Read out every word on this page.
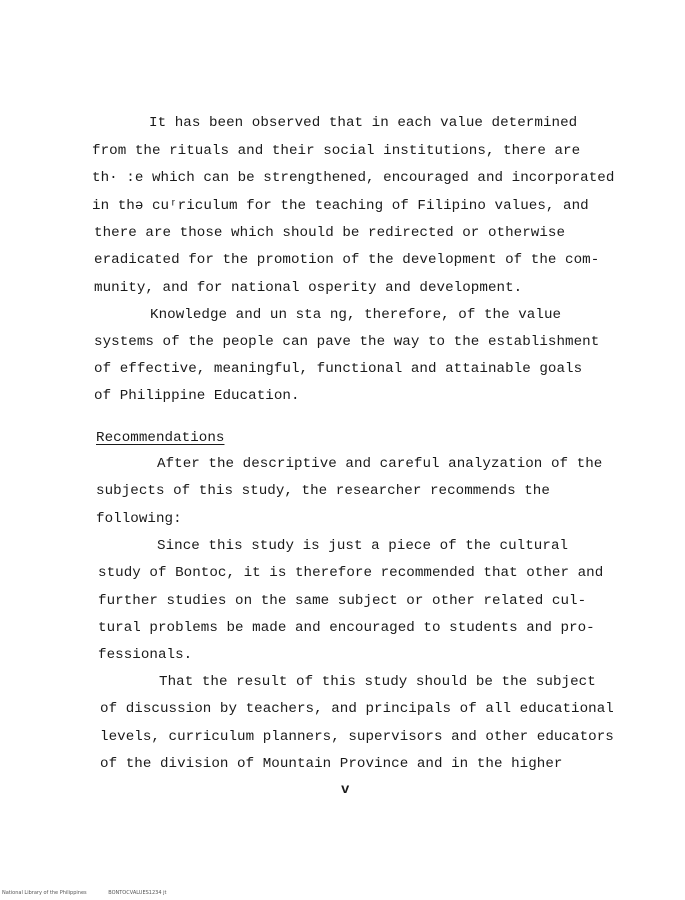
It has been observed that in each value determined
from the rituals and their social institutions, there are
th· :e which can be strengthened, encouraged and incorporated
in thə cuʳriculum for the teaching of Filipino values, and
there are those which should be redirected or otherwise
eradicated for the promotion of the development of the com-
munity, and for national osperity and development.
Knowledge and un sta ng, therefore, of the value
systems of the people can pave the way to the establishment
of effective, meaningful, functional and attainable goals
of Philippine Education.
Recommendations
After the descriptive and careful analyzation of the
subjects of this study, the researcher recommends the
following:
Since this study is just a piece of the cultural
study of Bontoc, it is therefore recommended that other and
further studies on the same subject or other related cul-
tural problems be made and encouraged to students and pro-
fessionals.
That the result of this study should be the subject
of discussion by teachers, and principals of all educational
levels, curriculum planners, supervisors and other educators
of the division of Mountain Province and in the higher
v
National Library of the Philippines	BONTOCVALUES1234 jt
